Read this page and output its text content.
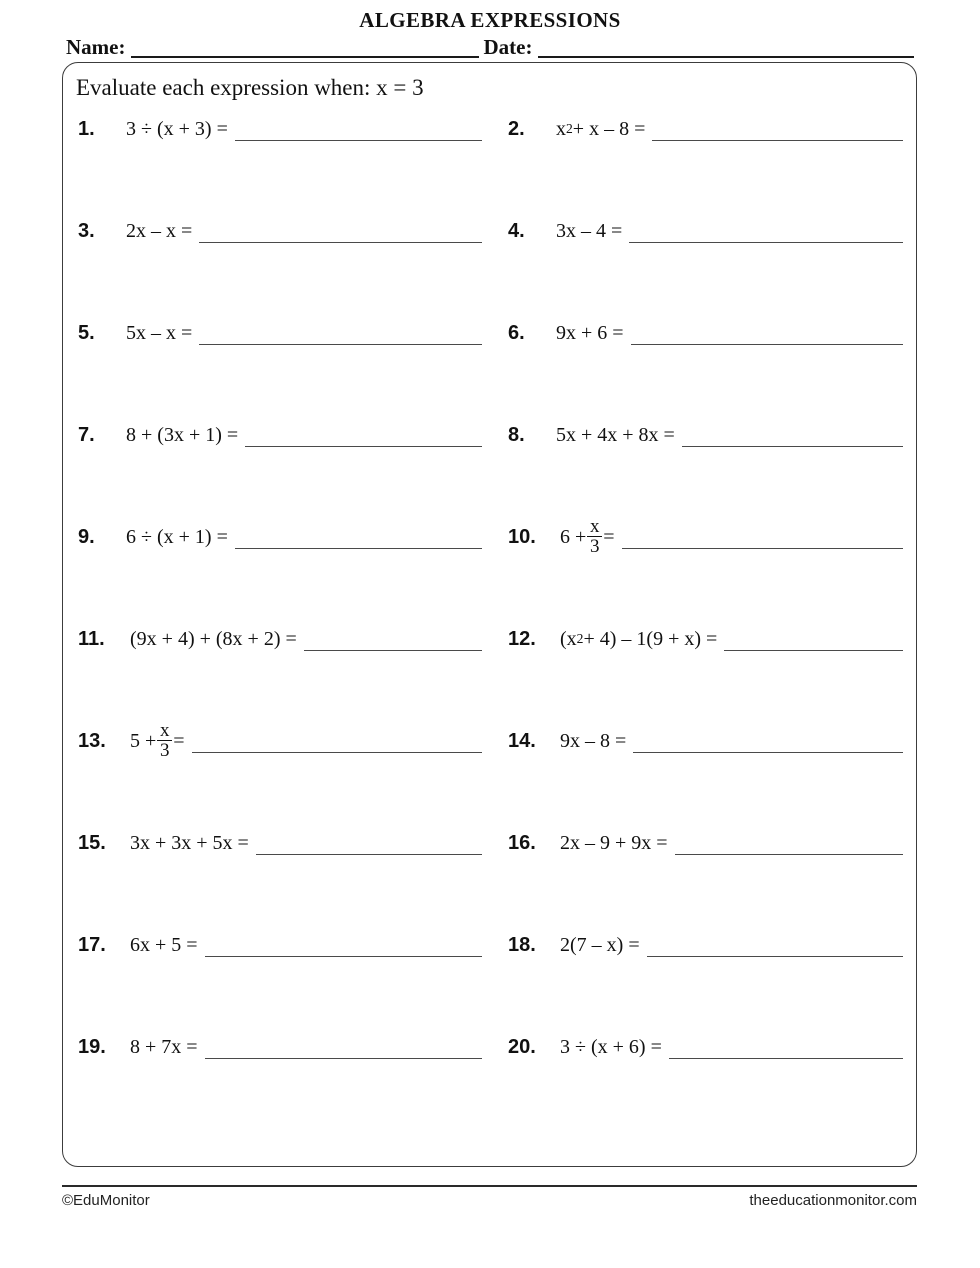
ALGEBRA EXPRESSIONS
Name:	Date:
Evaluate each expression when: x = 3
1.	3 ÷ (x + 3) =	2.	x 2 + x – 8 =
3.	2x – x =	4.	3x – 4 =
5.	5x – x =	6.	9x + 6 =
7.	8 + (3x + 1) =	8.	5x + 4x + 8x =
9.	6 ÷ (x + 1) =	10.	$6 + \frac{x}{3}$ =
11.	(9x + 4) + (8x + 2) =	12.	(x 2 + 4) – 1(9 + x) =
13.	$5 + \frac{x}{3}$ =	14.	9x – 8 =
15.	3x + 3x + 5x =	16.	2x – 9 + 9x =
17.	6x + 5 =	18.	2(7 – x) =
19.	8 + 7x =	20.	3 ÷ (x + 6) =
©EduMonitor	theeducationmonitor.com
